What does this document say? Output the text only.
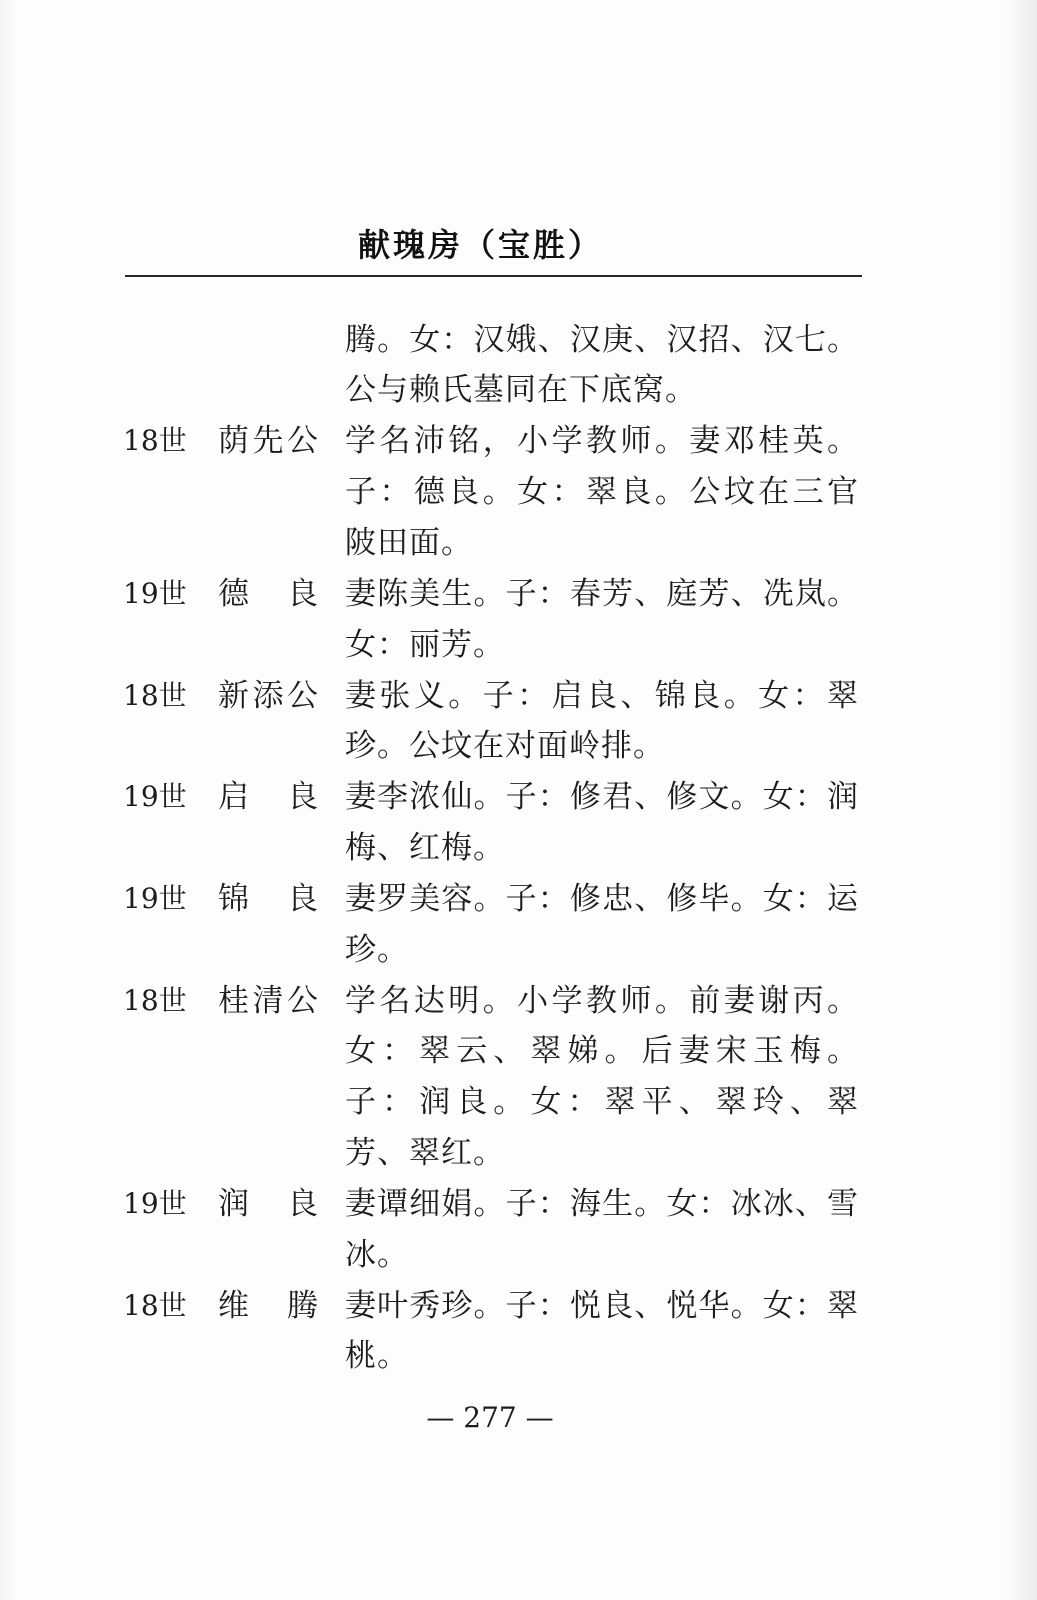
献瑰房（宝胜）
腾。女：汉娥、汉庚、汉招、汉七。
公与赖氏墓同在下底窝。
18世	荫先公 学名沛铭，小学教师。妻邓桂英。
子：德良。女：翠良。公坟在三官
陂田面。
19世	德 良 妻陈美生。子：春芳、庭芳、冼岚。
女：丽芳。
18世	新添公 妻张义。子：启良、锦良。女：翠
珍。公坟在对面岭排。
19世	启 良 妻李浓仙。子：修君、修文。女：润
梅、红梅。
19世	锦 良 妻罗美容。子：修忠、修毕。女：运
珍。
18世	桂清公 学名达明。小学教师。前妻谢丙。
女：翠云、翠娣。后妻宋玉梅。
子：润良。女：翠平、翠玲、翠
芳、翠红。
19世	润 良 妻谭细娟。子：海生。女：冰冰、雪
冰。
18世	维 腾 妻叶秀珍。子：悦良、悦华。女：翠
桃。
— 277 —
